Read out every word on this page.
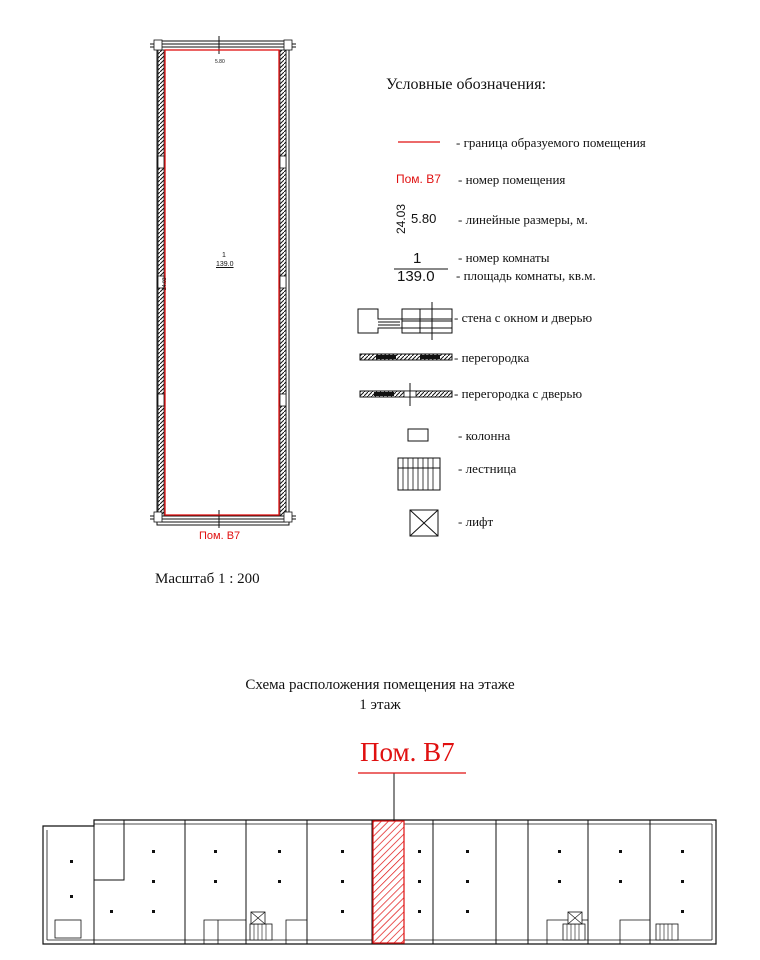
5.80
24.03
1
139.0
Пом. В7
Условные обозначения:
- граница образуемого помещения
Пом. В7 - номер помещения
24.03 5.80 - линейные размеры, м.
1	- номер комнаты
139.0 - площадь комнаты, кв.м.
- стена с окном и дверью
- перегородка
- перегородка с дверью
- колонна
- лестница
- лифт
Масштаб 1 : 200
Схема расположения помещения на этаже
1 этаж
Пом. В7
